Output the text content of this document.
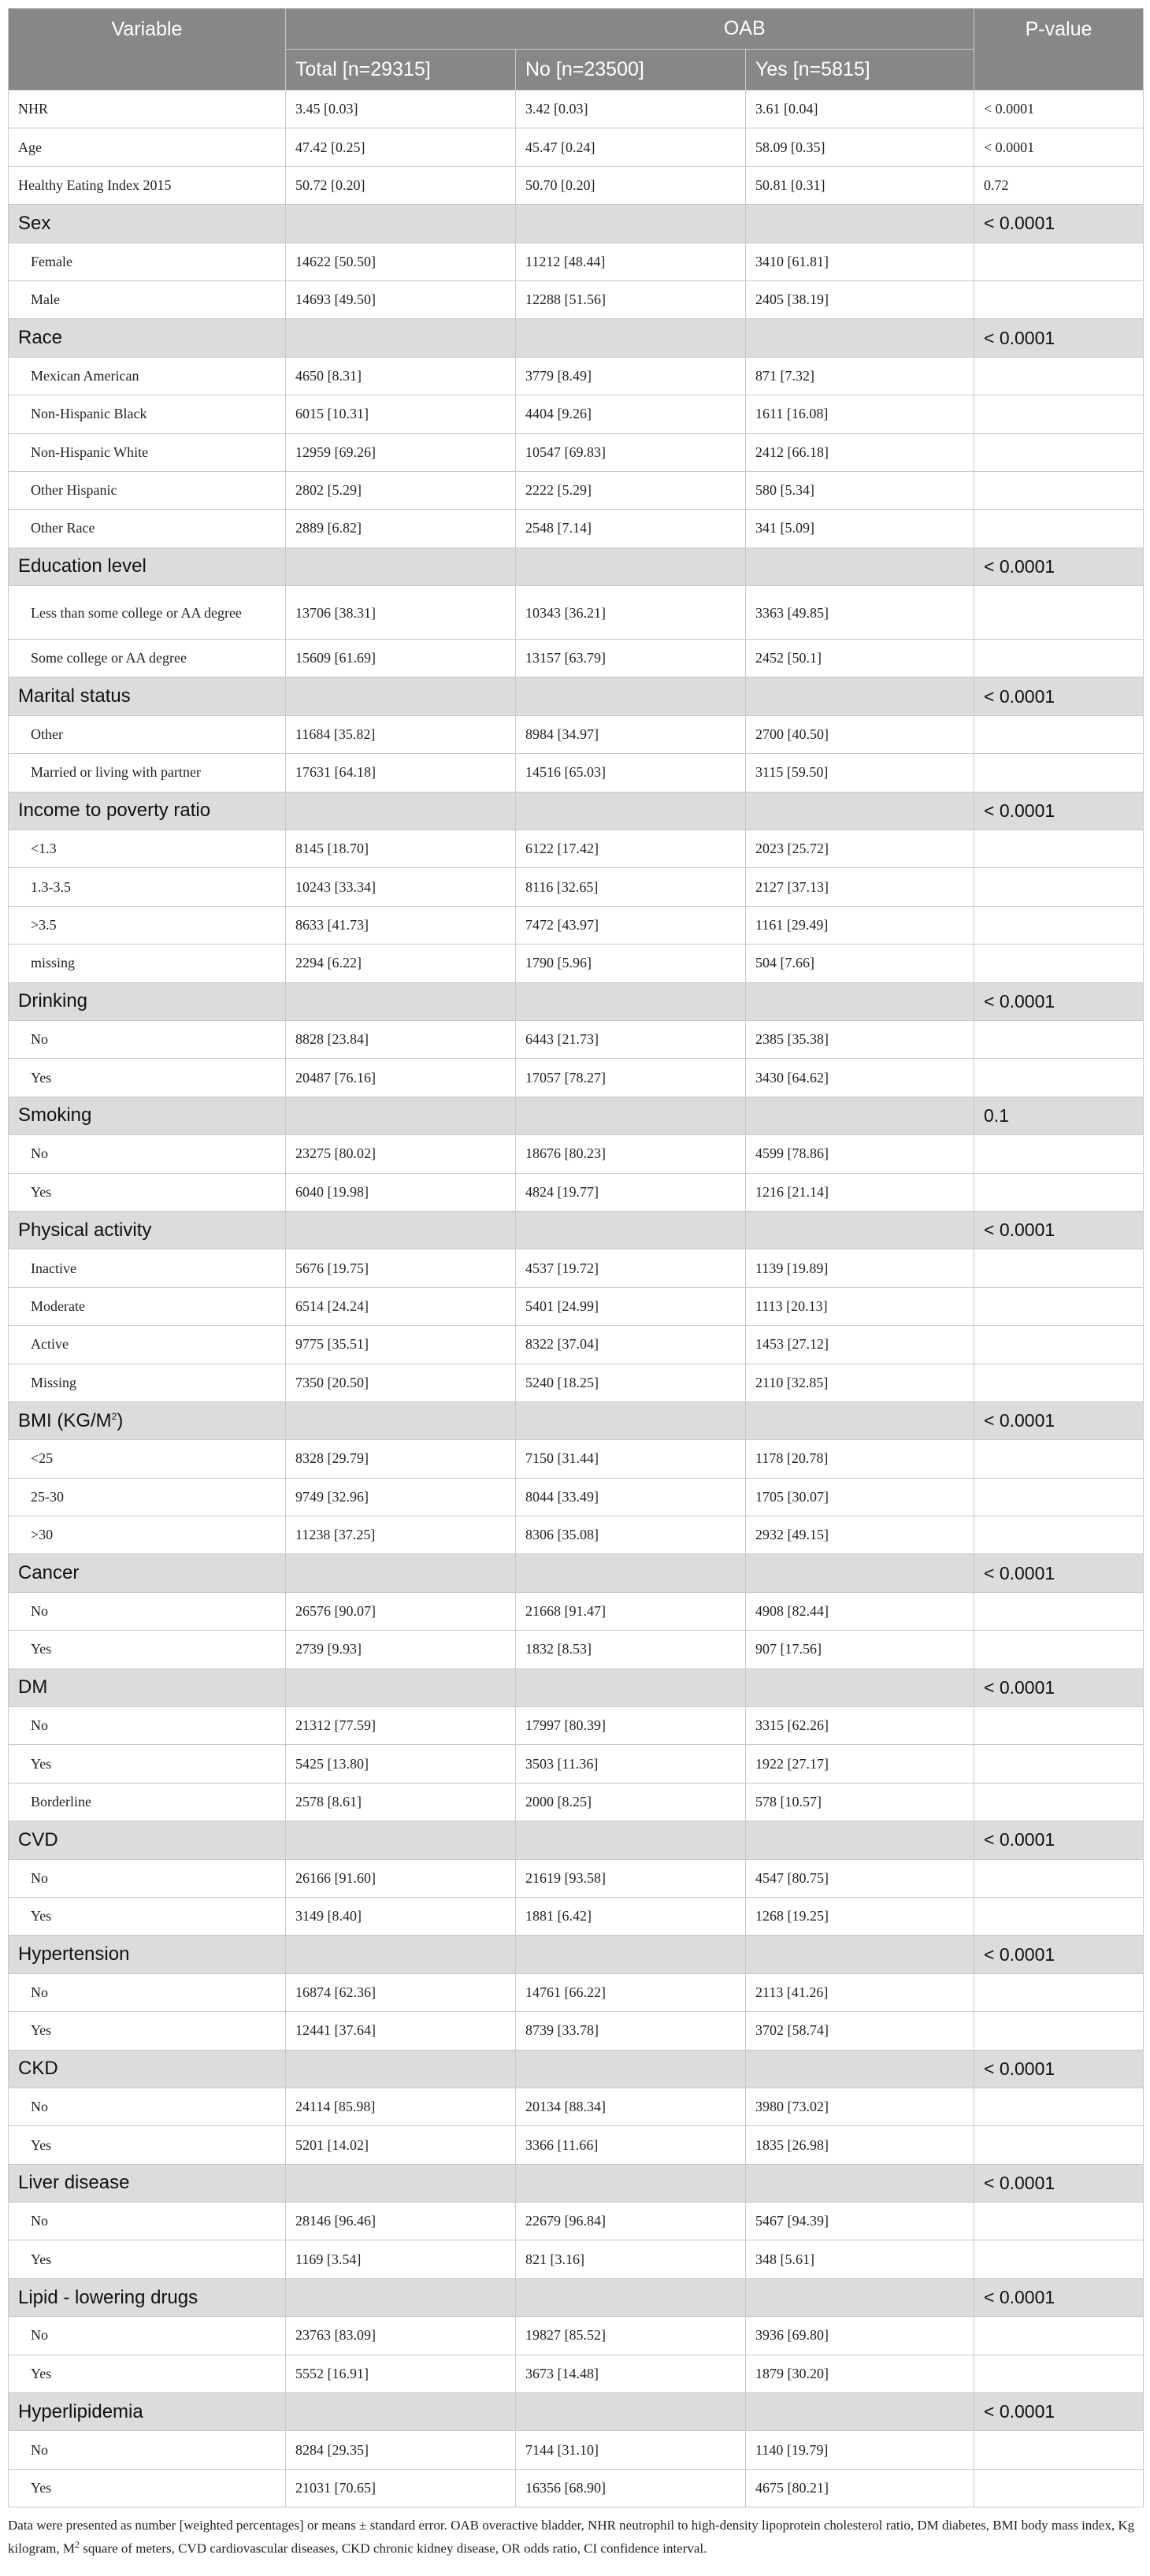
Variable		OAB		P-value
	Total [n=29315]	No [n=23500]	Yes [n=5815]	
NHR	3.45 [0.03]	3.42 [0.03]	3.61 [0.04]	< 0.0001
Age	47.42 [0.25]	45.47 [0.24]	58.09 [0.35]	< 0.0001
Healthy Eating Index 2015	50.72 [0.20]	50.70 [0.20]	50.81 [0.31]	0.72
Sex				< 0.0001
Female	14622 [50.50]	11212 [48.44]	3410 [61.81]	
Male	14693 [49.50]	12288 [51.56]	2405 [38.19]	
Race				< 0.0001
Mexican American	4650 [8.31]	3779 [8.49]	871 [7.32]	
Non-Hispanic Black	6015 [10.31]	4404 [9.26]	1611 [16.08]	
Non-Hispanic White	12959 [69.26]	10547 [69.83]	2412 [66.18]	
Other Hispanic	2802 [5.29]	2222 [5.29]	580 [5.34]	
Other Race	2889 [6.82]	2548 [7.14]	341 [5.09]	
Education level				< 0.0001
Less than some college or AA degree	13706 [38.31]	10343 [36.21]	3363 [49.85]	
Some college or AA degree	15609 [61.69]	13157 [63.79]	2452 [50.1]	
Marital status				< 0.0001
Other	11684 [35.82]	8984 [34.97]	2700 [40.50]	
Married or living with partner	17631 [64.18]	14516 [65.03]	3115 [59.50]	
Income to poverty ratio				< 0.0001
<1.3	8145 [18.70]	6122 [17.42]	2023 [25.72]	
1.3-3.5	10243 [33.34]	8116 [32.65]	2127 [37.13]	
>3.5	8633 [41.73]	7472 [43.97]	1161 [29.49]	
missing	2294 [6.22]	1790 [5.96]	504 [7.66]	
Drinking				< 0.0001
No	8828 [23.84]	6443 [21.73]	2385 [35.38]	
Yes	20487 [76.16]	17057 [78.27]	3430 [64.62]	
Smoking				0.1
No	23275 [80.02]	18676 [80.23]	4599 [78.86]	
Yes	6040 [19.98]	4824 [19.77]	1216 [21.14]	
Physical activity				< 0.0001
Inactive	5676 [19.75]	4537 [19.72]	1139 [19.89]	
Moderate	6514 [24.24]	5401 [24.99]	1113 [20.13]	
Active	9775 [35.51]	8322 [37.04]	1453 [27.12]	
Missing	7350 [20.50]	5240 [18.25]	2110 [32.85]	
BMI $(KG/M^2)$				< 0.0001
<25	8328 [29.79]	7150 [31.44]	1178 [20.78]	
25-30	9749 [32.96]	8044 [33.49]	1705 [30.07]	
>30	11238 [37.25]	8306 [35.08]	2932 [49.15]	
Cancer				< 0.0001
No	26576 [90.07]	21668 [91.47]	4908 [82.44]	
Yes	2739 [9.93]	1832 [8.53]	907 [17.56]	
DM				< 0.0001
No	21312 [77.59]	17997 [80.39]	3315 [62.26]	
Yes	5425 [13.80]	3503 [11.36]	1922 [27.17]	
Borderline	2578 [8.61]	2000 [8.25]	578 [10.57]	
CVD				< 0.0001
No	26166 [91.60]	21619 [93.58]	4547 [80.75]	
Yes	3149 [8.40]	1881 [6.42]	1268 [19.25]	
Hypertension				< 0.0001
No	16874 [62.36]	14761 [66.22]	2113 [41.26]	
Yes	12441 [37.64]	8739 [33.78]	3702 [58.74]	
CKD				< 0.0001
No	24114 [85.98]	20134 [88.34]	3980 [73.02]	
Yes	5201 [14.02]	3366 [11.66]	1835 [26.98]	
Liver disease				< 0.0001
No	28146 [96.46]	22679 [96.84]	5467 [94.39]	
Yes	1169 [3.54]	821 [3.16]	348 [5.61]	
Lipid - lowering drugs				< 0.0001
No	23763 [83.09]	19827 [85.52]	3936 [69.80]	
Yes	5552 [16.91]	3673 [14.48]	1879 [30.20]	
Hyperlipidemia				< 0.0001
No	8284 [29.35]	7144 [31.10]	1140 [19.79]	
Yes	21031 [70.65]	16356 [68.90]	4675 [80.21]	
Data were presented as number [weighted percentages] or means ± standard error. OAB overactive bladder, NHR neutrophil to high-density lipoprotein cholesterol ratio, DM diabetes, BMI body mass index, Kg kilogram, $M^2$ square of meters, CVD cardiovascular diseases, CKD chronic kidney disease, OR odds ratio, CI confidence interval.
